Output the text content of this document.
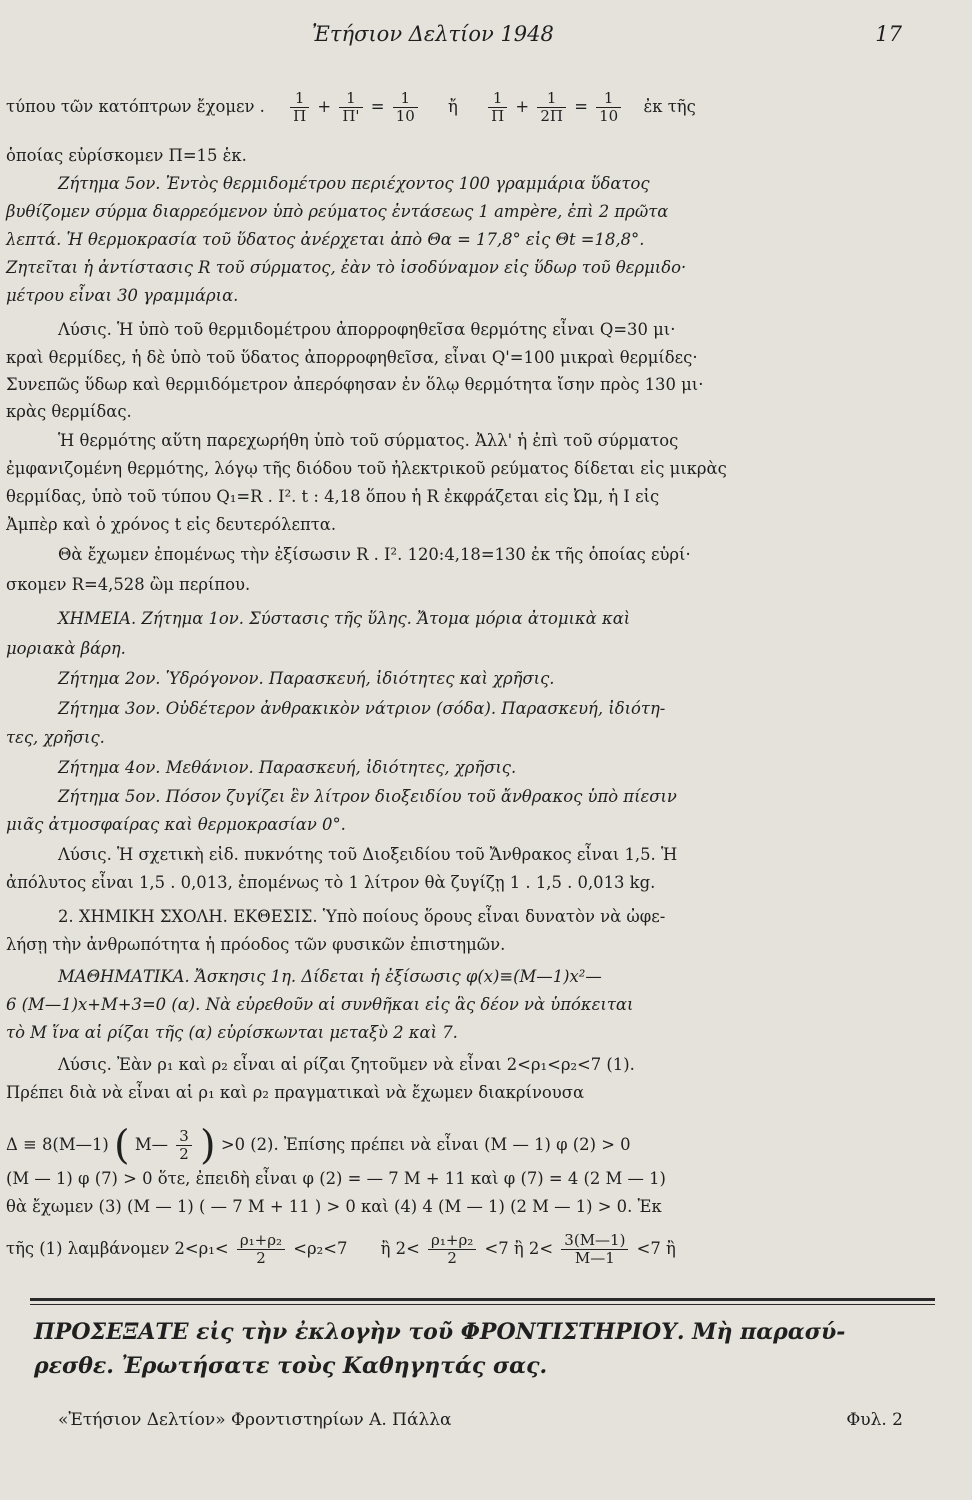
Ἐτήσιον Δελτίον 1948	17
τύπου τῶν κατόπτρων ἔχομεν . $\frac{1}{\Pi} + \frac{1}{\Pi'} = \frac{1}{10}$ ἤ $\frac{1}{\Pi} + \frac{1}{2\Pi} = \frac{1}{10}$ ἐκ τῆς
ὁποίας εὑρίσκομεν Π=15 ἑκ.
Ζήτημα 5ον. Ἐντὸς θερμιδομέτρου περιέχοντος 100 γραμμάρια ὕδατος
βυθίζομεν σύρμα διαρρεόμενον ὑπὸ ρεύματος ἐντάσεως 1 ampère, ἐπὶ 2 πρῶτα
λεπτά. Ἡ θερμοκρασία τοῦ ὕδατος ἀνέρχεται ἀπὸ Θα = 17,8° εἰς Θt =18,8°.
Ζητεῖται ἡ ἀντίστασις R τοῦ σύρματος, ἐὰν τὸ ἰσοδύναμον εἰς ὕδωρ τοῦ θερμιδο·
μέτρου εἶναι 30 γραμμάρια.
Λύσις. Ἡ ὑπὸ τοῦ θερμιδομέτρου ἀπορροφηθεῖσα θερμότης εἶναι Q=30 μι·
κραὶ θερμίδες, ἡ δὲ ὑπὸ τοῦ ὕδατος ἀπορροφηθεῖσα, εἶναι Q'=100 μικραὶ θερμίδες·
Συνεπῶς ὕδωρ καὶ θερμιδόμετρον ἀπερόφησαν ἐν ὅλῳ θερμότητα ἴσην πρὸς 130 μι·
κρὰς θερμίδας.
Ἡ θερμότης αὕτη παρεχωρήθη ὑπὸ τοῦ σύρματος. Ἀλλ' ἡ ἐπὶ τοῦ σύρματος
ἐμφανιζομένη θερμότης, λόγῳ τῆς διόδου τοῦ ἠλεκτρικοῦ ρεύματος δίδεται εἰς μικρὰς
θερμίδας, ὑπὸ τοῦ τύπου Q₁=R . I². t : 4,18 ὅπου ἡ R ἐκφράζεται εἰς Ὠμ, ἡ I εἰς
Ἀμπὲρ καὶ ὁ χρόνος t εἰς δευτερόλεπτα.
Θὰ ἔχωμεν ἐπομένως τὴν ἐξίσωσιν R . I². 120:4,18=130 ἐκ τῆς ὁποίας εὑρί·
σκομεν R=4,528 ὢμ περίπου.
ΧΗΜΕΙΑ. Ζήτημα 1ον. Σύστασις τῆς ὕλης. Ἄτομα μόρια ἀτομικὰ καὶ
μοριακὰ βάρη.
Ζήτημα 2ον. Ὑδρόγονον. Παρασκευή, ἰδιότητες καὶ χρῆσις.
Ζήτημα 3ον. Οὐδέτερον ἀνθρακικὸν νάτριον (σόδα). Παρασκευή, ἰδιότη-
τες, χρῆσις.
Ζήτημα 4ον. Μεθάνιον. Παρασκευή, ἰδιότητες, χρῆσις.
Ζήτημα 5ον. Πόσον ζυγίζει ἓν λίτρον διοξειδίου τοῦ ἄνθρακος ὑπὸ πίεσιν
μιᾶς ἀτμοσφαίρας καὶ θερμοκρασίαν 0°.
Λύσις. Ἡ σχετικὴ εἰδ. πυκνότης τοῦ Διοξειδίου τοῦ Ἄνθρακος εἶναι 1,5. Ἡ
ἀπόλυτος εἶναι 1,5 . 0,013, ἐπομένως τὸ 1 λίτρον θὰ ζυγίζῃ 1 . 1,5 . 0,013 kg.
2. ΧΗΜΙΚΗ ΣΧΟΛΗ. ΕΚΘΕΣΙΣ. Ὑπὸ ποίους ὅρους εἶναι δυνατὸν νὰ ὠφε-
λήσῃ τὴν ἀνθρωπότητα ἡ πρόοδος τῶν φυσικῶν ἐπιστημῶν.
ΜΑΘΗΜΑΤΙΚΑ. Ἄσκησις 1η. Δίδεται ἡ ἐξίσωσις φ(x)≡(M—1)x²—
6 (M—1)x+M+3=0 (α). Νὰ εὑρεθοῦν αἱ συνθῆκαι εἰς ἃς δέον νὰ ὑπόκειται
τὸ M ἵνα αἱ ρίζαι τῆς (α) εὑρίσκωνται μεταξὺ 2 καὶ 7.
Λύσις. Ἐὰν ρ₁ καὶ ρ₂ εἶναι αἱ ρίζαι ζητοῦμεν νὰ εἶναι 2<ρ₁<ρ₂<7 (1).
Πρέπει διὰ νὰ εἶναι αἱ ρ₁ καὶ ρ₂ πραγματικαὶ νὰ ἔχωμεν διακρίνουσα
Δ ≡ 8(M—1) ( M— $\frac{3}{2}$ ) >0 (2). Ἐπίσης πρέπει νὰ εἶναι (M — 1) φ (2) > 0
(M — 1) φ (7) > 0 ὅτε, ἐπειδὴ εἶναι φ (2) = — 7 M + 11 καὶ φ (7) = 4 (2 M — 1)
θὰ ἔχωμεν (3) (M — 1) ( — 7 M + 11 ) > 0 καὶ (4) 4 (M — 1) (2 M — 1) > 0. Ἐκ
τῆς (1) λαμβάνομεν $2<\rho_1< \frac{\text{ρ₁+ρ₂}}{2} <\rho_2<7$ ἢ $2< \frac{\text{ρ₁+ρ₂}}{2} <7$ ἢ $2< \frac{3(M—1)}{M—1} <7$ ἢ
ΠΡΟΣΕΞΑΤΕ εἰς τὴν ἐκλογὴν τοῦ ΦΡΟΝΤΙΣΤΗΡΙΟΥ. Μὴ παρασύ-
ρεσθε. Ἐρωτήσατε τοὺς Καθηγητάς σας.
«Ἐτήσιον Δελτίον» Φροντιστηρίων Α. Πάλλα	Φυλ. 2
